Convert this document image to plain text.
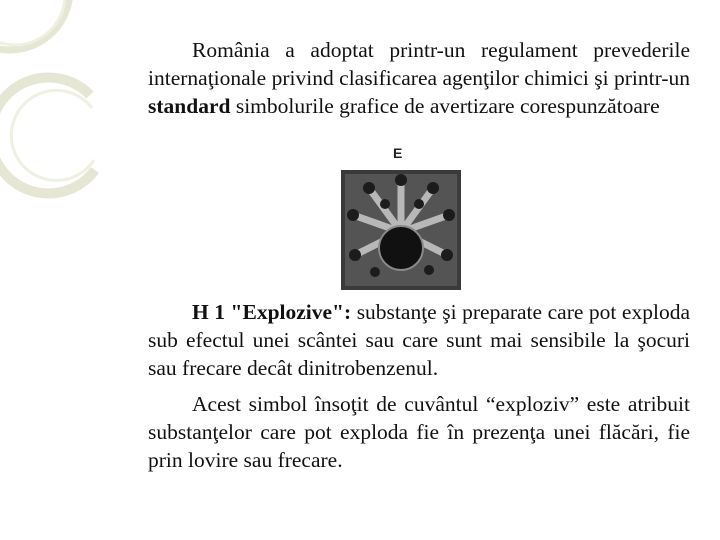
România a adoptat printr-un regulament prevederile internaţionale privind clasificarea agenţilor chimici şi printr-un standard simbolurile grafice de avertizare corespunzătoare

E

H 1 "Explozive": substanţe şi preparate care pot exploda sub efectul unei scântei sau care sunt mai sensibile la şocuri sau frecare decât dinitrobenzenul.

Acest simbol însoţit de cuvântul “exploziv” este atribuit substanţelor care pot exploda fie în prezenţa unei flăcări, fie prin lovire sau frecare.
